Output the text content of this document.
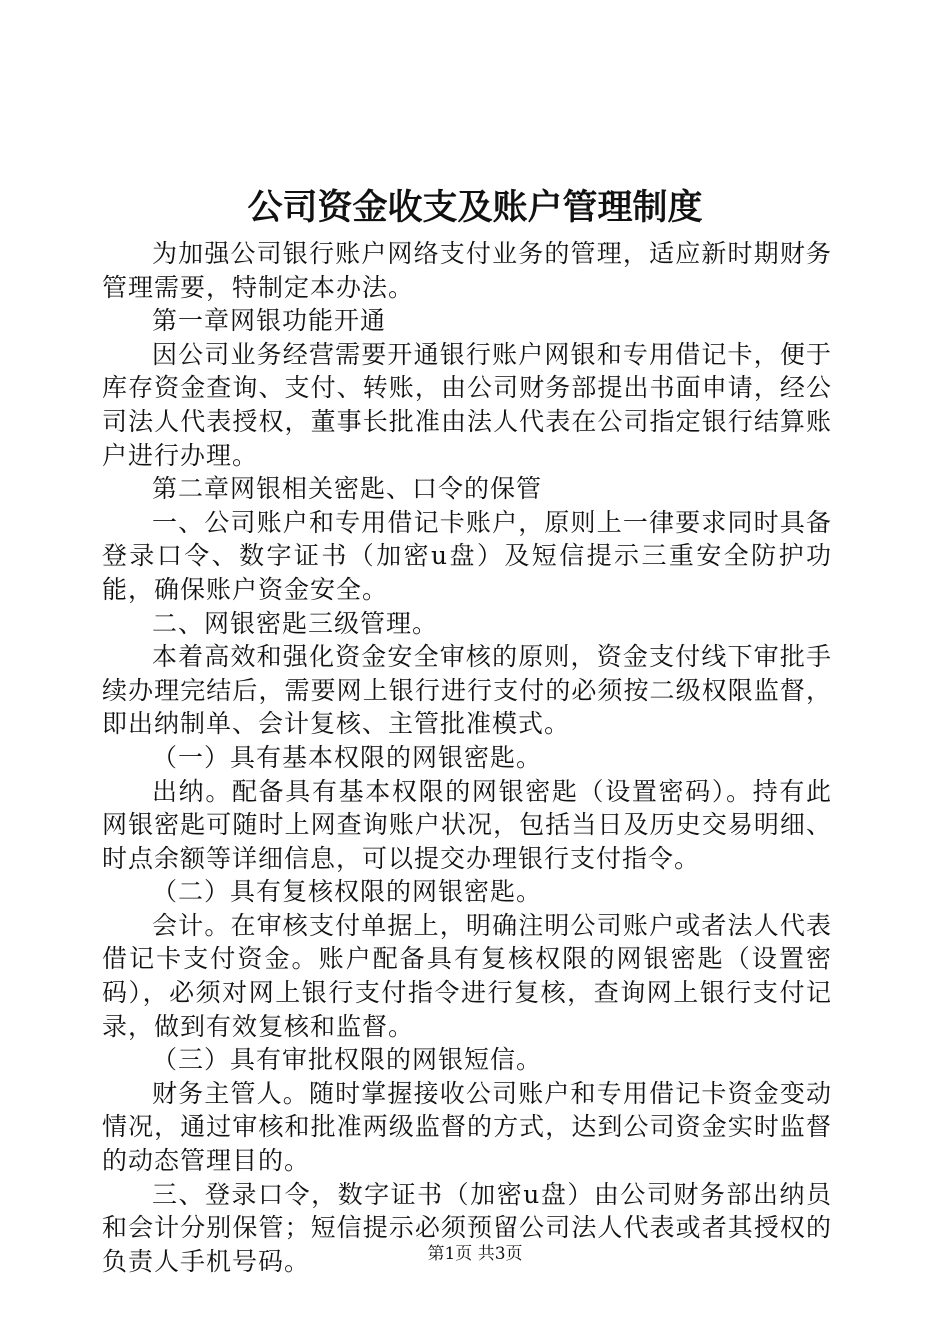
公司资金收支及账户管理制度

为加强公司银行账户网络支付业务的管理，适应新时期财务管理需要，特制定本办法。

第一章网银功能开通

因公司业务经营需要开通银行账户网银和专用借记卡，便于库存资金查询、支付、转账，由公司财务部提出书面申请，经公司法人代表授权，董事长批准由法人代表在公司指定银行结算账户进行办理。

第二章网银相关密匙、口令的保管

一、公司账户和专用借记卡账户，原则上一律要求同时具备登录口令、数字证书（加密u盘）及短信提示三重安全防护功能，确保账户资金安全。

二、网银密匙三级管理。

本着高效和强化资金安全审核的原则，资金支付线下审批手续办理完结后，需要网上银行进行支付的必须按二级权限监督，即出纳制单、会计复核、主管批准模式。

（一）具有基本权限的网银密匙。

出纳。配备具有基本权限的网银密匙（设置密码）。持有此网银密匙可随时上网查询账户状况，包括当日及历史交易明细、时点余额等详细信息，可以提交办理银行支付指令。

（二）具有复核权限的网银密匙。

会计。在审核支付单据上，明确注明公司账户或者法人代表借记卡支付资金。账户配备具有复核权限的网银密匙（设置密码），必须对网上银行支付指令进行复核，查询网上银行支付记录，做到有效复核和监督。

（三）具有审批权限的网银短信。

财务主管人。随时掌握接收公司账户和专用借记卡资金变动情况，通过审核和批准两级监督的方式，达到公司资金实时监督的动态管理目的。

三、登录口令，数字证书（加密u盘）由公司财务部出纳员和会计分别保管；短信提示必须预留公司法人代表或者其授权的负责人手机号码。	第1页 共3页
